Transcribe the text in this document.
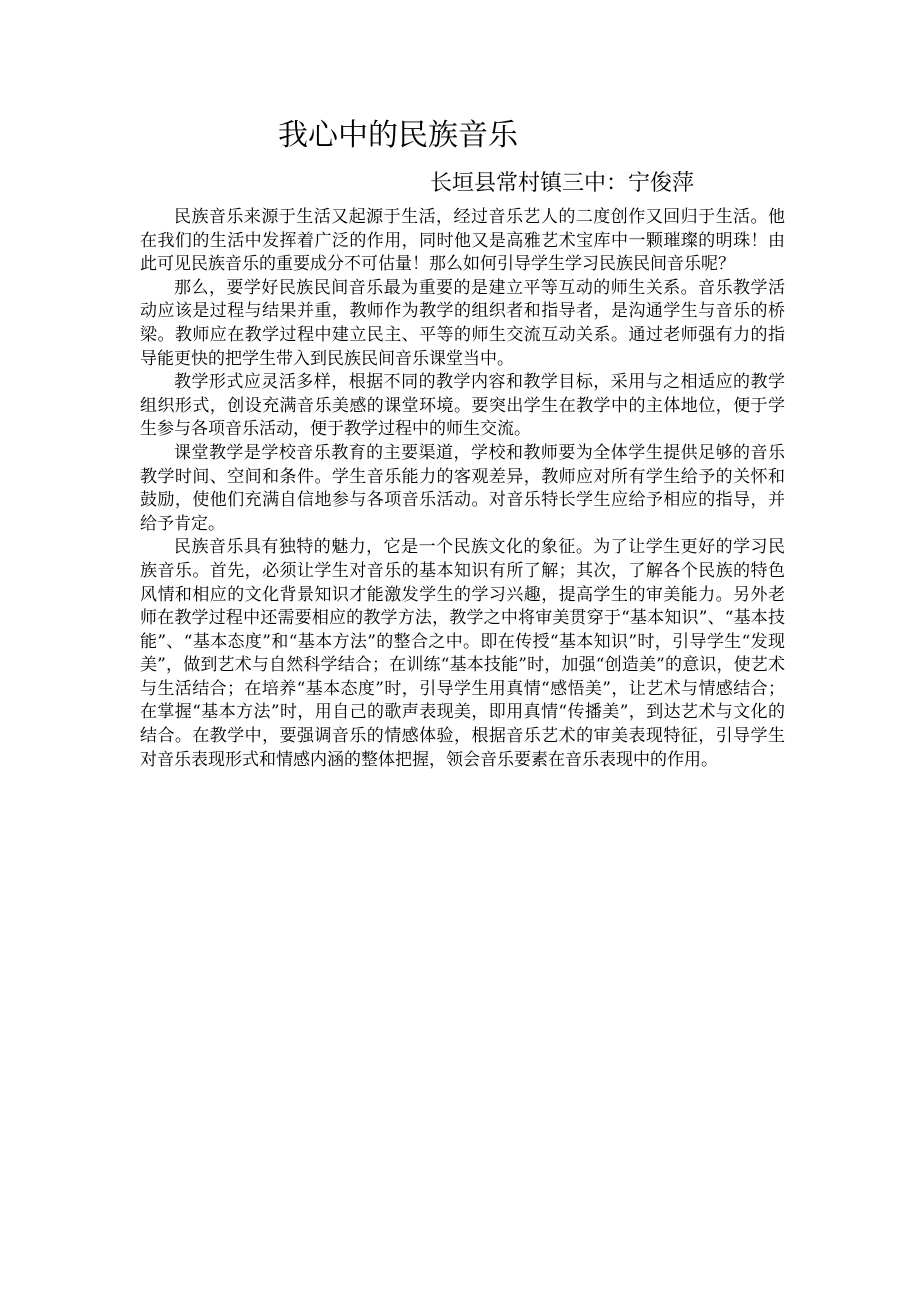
我心中的民族音乐
长垣县常村镇三中：宁俊萍

民族音乐来源于生活又起源于生活，经过音乐艺人的二度创作又回归于生活。他在我们的生活中发挥着广泛的作用，同时他又是高雅艺术宝库中一颗璀璨的明珠！由此可见民族音乐的重要成分不可估量！那么如何引导学生学习民族民间音乐呢？

那么，要学好民族民间音乐最为重要的是建立平等互动的师生关系。音乐教学活动应该是过程与结果并重，教师作为教学的组织者和指导者，是沟通学生与音乐的桥梁。教师应在教学过程中建立民主、平等的师生交流互动关系。通过老师强有力的指导能更快的把学生带入到民族民间音乐课堂当中。

教学形式应灵活多样，根据不同的教学内容和教学目标，采用与之相适应的教学组织形式，创设充满音乐美感的课堂环境。要突出学生在教学中的主体地位，便于学生参与各项音乐活动，便于教学过程中的师生交流。

课堂教学是学校音乐教育的主要渠道，学校和教师要为全体学生提供足够的音乐教学时间、空间和条件。学生音乐能力的客观差异，教师应对所有学生给予的关怀和鼓励，使他们充满自信地参与各项音乐活动。对音乐特长学生应给予相应的指导，并给予肯定。

民族音乐具有独特的魅力，它是一个民族文化的象征。为了让学生更好的学习民族音乐。首先，必须让学生对音乐的基本知识有所了解；其次，了解各个民族的特色风情和相应的文化背景知识才能激发学生的学习兴趣，提高学生的审美能力。另外老师在教学过程中还需要相应的教学方法，教学之中将审美贯穿于“基本知识”、“基本技能”、“基本态度”和“基本方法”的整合之中。即在传授“基本知识”时，引导学生“发现美”，做到艺术与自然科学结合；在训练“基本技能”时，加强“创造美”的意识，使艺术与生活结合；在培养“基本态度”时，引导学生用真情“感悟美”，让艺术与情感结合；在掌握“基本方法”时，用自己的歌声表现美，即用真情“传播美”，到达艺术与文化的结合。在教学中，要强调音乐的情感体验，根据音乐艺术的审美表现特征，引导学生对音乐表现形式和情感内涵的整体把握，领会音乐要素在音乐表现中的作用。
